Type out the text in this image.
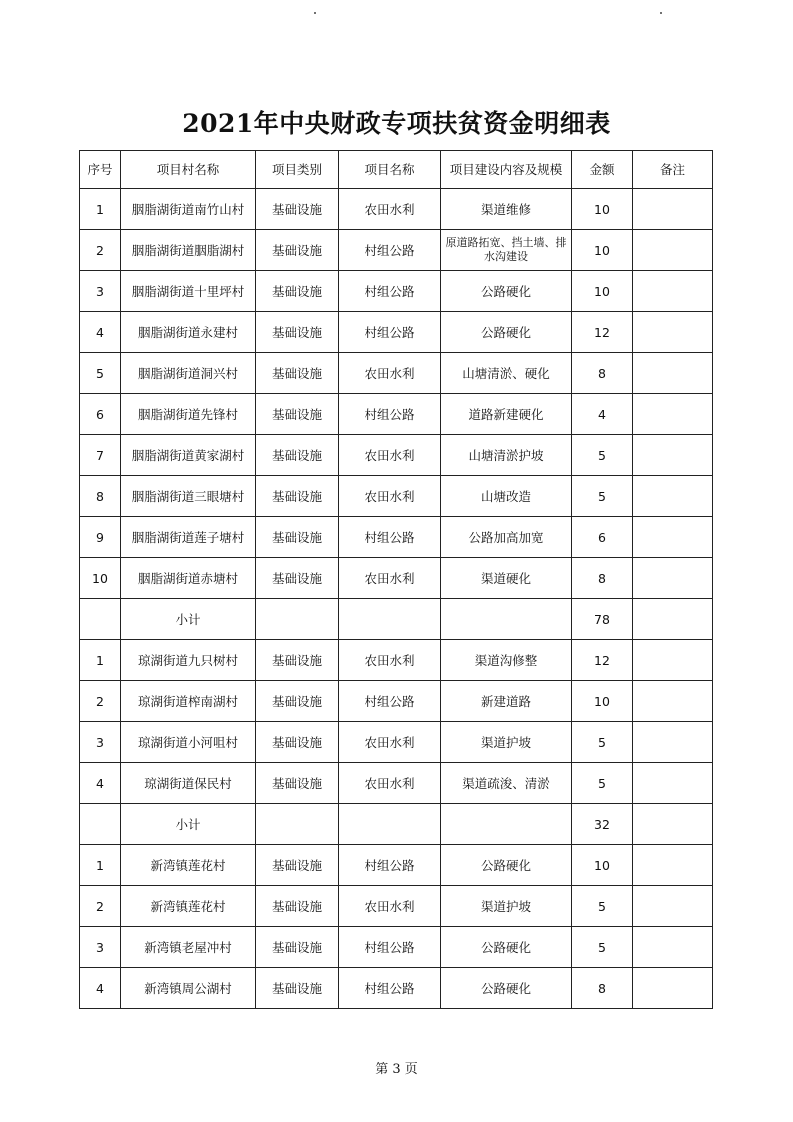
2021年中央财政专项扶贫资金明细表
序号	项目村名称	项目类别	项目名称	项目建设内容及规模	金额	备注
1	胭脂湖街道南竹山村	基础设施	农田水利	渠道维修	10	
2	胭脂湖街道胭脂湖村	基础设施	村组公路	原道路拓宽、挡土墙、排水沟建设	10	
3	胭脂湖街道十里坪村	基础设施	村组公路	公路硬化	10	
4	胭脂湖街道永建村	基础设施	村组公路	公路硬化	12	
5	胭脂湖街道洞兴村	基础设施	农田水利	山塘清淤、硬化	8	
6	胭脂湖街道先锋村	基础设施	村组公路	道路新建硬化	4	
7	胭脂湖街道黄家湖村	基础设施	农田水利	山塘清淤护坡	5	
8	胭脂湖街道三眼塘村	基础设施	农田水利	山塘改造	5	
9	胭脂湖街道莲子塘村	基础设施	村组公路	公路加高加宽	6	
10	胭脂湖街道赤塘村	基础设施	农田水利	渠道硬化	8	
	小计				78	
1	琼湖街道九只树村	基础设施	农田水利	渠道沟修整	12	
2	琼湖街道榨南湖村	基础设施	村组公路	新建道路	10	
3	琼湖街道小河咀村	基础设施	农田水利	渠道护坡	5	
4	琼湖街道保民村	基础设施	农田水利	渠道疏浚、清淤	5	
	小计				32	
1	新湾镇莲花村	基础设施	村组公路	公路硬化	10	
2	新湾镇莲花村	基础设施	农田水利	渠道护坡	5	
3	新湾镇老屋冲村	基础设施	村组公路	公路硬化	5	
4	新湾镇周公湖村	基础设施	村组公路	公路硬化	8	
第 3 页
